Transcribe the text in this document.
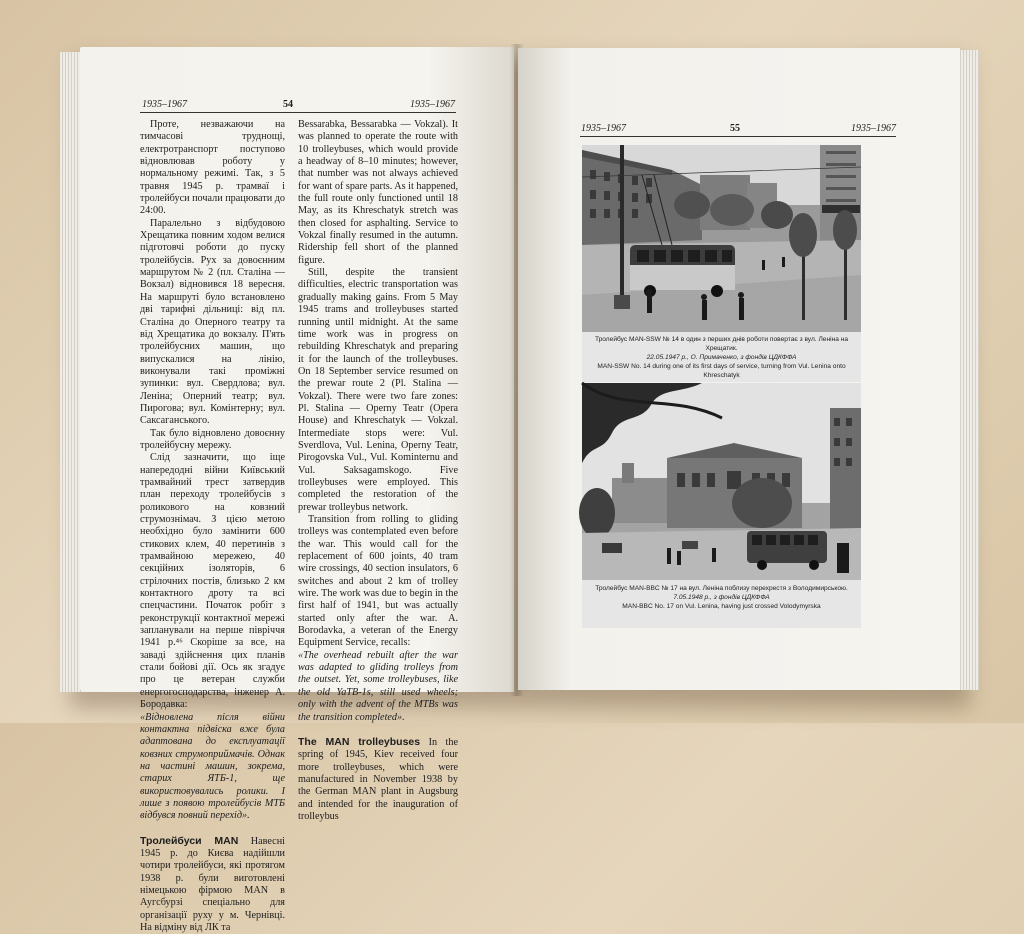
1935–1967	54	1935–1967

Проте, незважаючи на тимчасові труднощі, електротранспорт поступово відновлював роботу у нормальному режимі. Так, з 5 травня 1945 р. трамваї і тролейбуси почали працювати до 24:00.

Паралельно з відбудовою Хрещатика повним ходом велися підготовчі роботи до пуску тролейбусів. Рух за довоєнним маршрутом № 2 (пл. Сталіна — Вокзал) відновився 18 вересня. На маршруті було встановлено дві тарифні дільниці: від пл. Сталіна до Оперного театру та від Хрещатика до вокзалу. П'ять тролейбусних машин, що випускалися на лінію, виконували такі проміжні зупинки: вул. Свердлова; вул. Леніна; Оперний театр; вул. Пирогова; вул. Комінтерну; вул. Саксаганського.

Так було відновлено довоєнну тролейбусну мережу.

Слід зазначити, що іще напередодні війни Київський трамвайний трест затвердив план переходу тролейбусів з роликового на ковзний струмознімач. З цією метою необхідно було замінити 600 стикових клем, 40 перетинів з трамвайною мережею, 40 секційних ізоляторів, 6 стрілочних постів, близько 2 км контактного дроту та всі спецчастини. Початок робіт з реконструкції контактної мережі запланували на перше півріччя 1941 р.⁴⁶ Скоріше за все, на заваді здійснення цих планів стали бойові дії. Ось як згадує про це ветеран служби енергогосподарства, інженер А. Бородавка:

«Відновлена після війни контактна підвіска вже була адаптована до експлуатації ковзних струмоприймачів. Однак на частині машин, зокрема, старих ЯТБ-1, ще використовувались ролики. І лише з появою тролейбусів МТБ відбувся повний перехід».

Тролейбуси MAN Навесні 1945 р. до Києва надійшли чотири тролейбуси, які протягом 1938 р. були виготовлені німецькою фірмою MAN в Аугсбурзі спеціально для організації руху у м. Чернівці. На відміну від ЛК та

Bessarabka, Bessarabka — Vokzal). It was planned to operate the route with 10 trolleybuses, which would provide a headway of 8–10 minutes; however, that number was not always achieved for want of spare parts. As it happened, the full route only functioned until 18 May, as its Khreschatyk stretch was then closed for asphalting. Service to Vokzal finally resumed in the autumn. Ridership fell short of the planned figure.

Still, despite the transient difficulties, electric transportation was gradually making gains. From 5 May 1945 trams and trolleybuses started running until midnight. At the same time work was in progress on rebuilding Khreschatyk and preparing it for the launch of the trolleybuses. On 18 September service resumed on the prewar route 2 (Pl. Stalina — Vokzal). There were two fare zones: Pl. Stalina — Operny Teatr (Opera House) and Khreschatyk — Vokzal. Intermediate stops were: Vul. Sverdlova, Vul. Lenina, Operny Teatr, Pirogovska Vul., Vul. Kominternu and Vul. Saksagamskogo. Five trolleybuses were employed. This completed the restoration of the prewar trolleybus network.

Transition from rolling to gliding trolleys was contemplated even before the war. This would call for the replacement of 600 joints, 40 tram wire crossings, 40 section insulators, 6 switches and about 2 km of trolley wire. The work was due to begin in the first half of 1941, but was actually started only after the war. A. Borodavka, a veteran of the Energy Equipment Service, recalls:

«The overhead rebuilt after the war was adapted to gliding trolleys from the outset. Yet, some trolleybuses, like the old YaTB-1s, still used wheels; only with the advent of the MTBs was the transition completed».

The MAN trolleybuses In the spring of 1945, Kiev received four more trolleybuses, which were manufactured in November 1938 by the German MAN plant in Augsburg and intended for the inauguration of trolleybus

1935–1967	55	1935–1967
Тролейбус MAN-SSW № 14 в один з перших днів роботи повертає з вул. Леніна на Хрещатик.
22.05.1947 р., О. Примаченко, з фондів ЦДКФФА
MAN-SSW No. 14 during one of its first days of service, turning from Vul. Lenina onto Khreschatyk
Тролейбус MAN-BBC № 17 на вул. Леніна поблизу перехрестя з Володимирською.
7.05.1948 р., з фондів ЦДКФФА
MAN-BBC No. 17 on Vul. Lenina, having just crossed Volodymyrska
